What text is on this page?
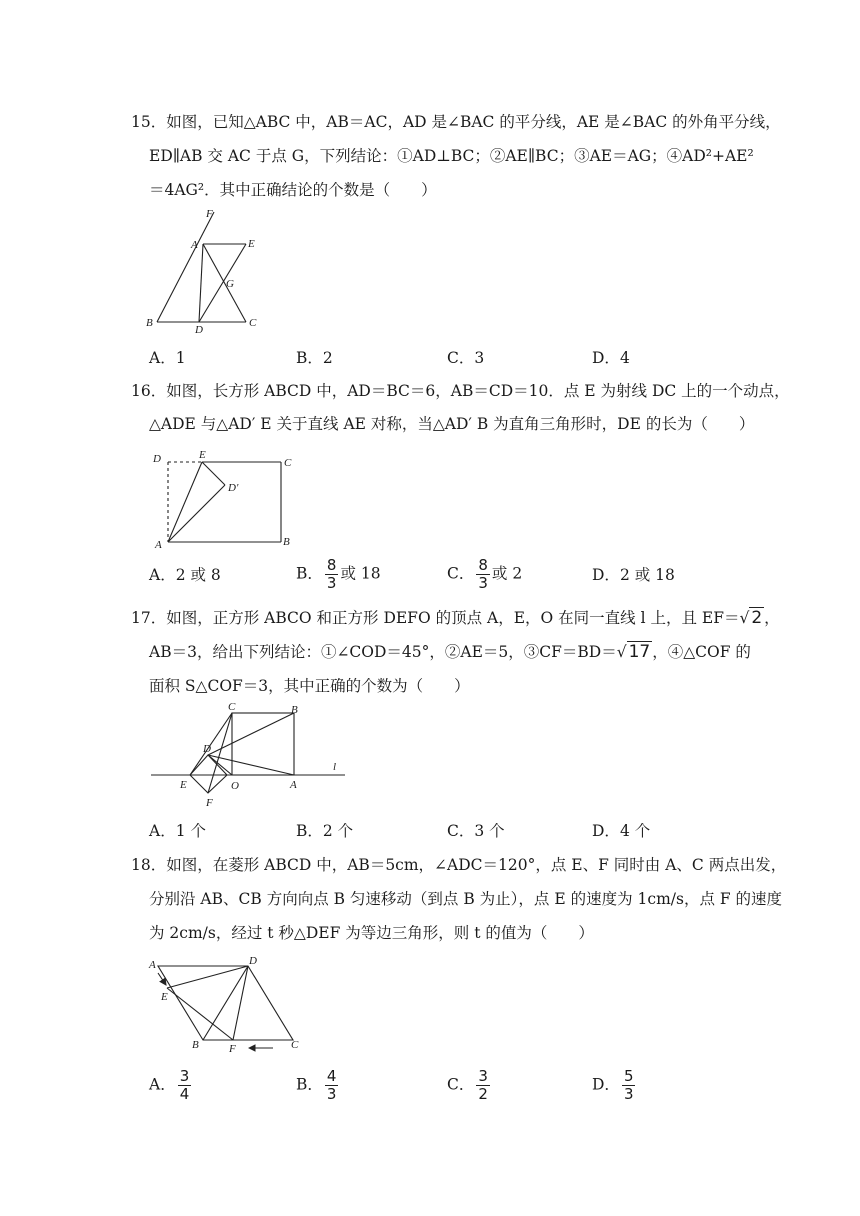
15．如图，已知△ABC 中，AB＝AC，AD 是∠BAC 的平分线，AE 是∠BAC 的外角平分线，
ED∥AB 交 AC 于点 G，下列结论：①AD⊥BC；②AE∥BC；③AE＝AG；④AD²+AE²
＝4AG²．其中正确结论的个数是（　　）
F
A	E
G
B
D
C
A．1	B．2	C．3	D．4
16．如图，长方形 ABCD 中，AD＝BC＝6，AB＝CD＝10．点 E 为射线 DC 上的一个动点，
△ADE 与△AD′ E 关于直线 AE 对称，当△AD′ B 为直角三角形时，DE 的长为（　　）
D	E
C
D'
A	B
A．2 或 8	B． $\frac{8}{3}$ 或 18	C． $\frac{8}{3}$ 或 2	D．2 或 18
17．如图，正方形 ABCO 和正方形 DEFO 的顶点 A，E，O 在同一直线 l 上，且 EF＝√ 2 ，
AB＝3，给出下列结论：①∠COD＝45°，②AE＝5，③CF＝BD＝√ 17 ，④△COF 的
面积 S△COF＝3，其中正确的个数为（　　）
C	B
D
l
E	O	A
F
A．1 个	B．2 个	C．3 个	D．4 个
18．如图，在菱形 ABCD 中，AB＝5cm，∠ADC＝120°，点 E、F 同时由 A、C 两点出发，
分别沿 AB、CB 方向向点 B 匀速移动（到点 B 为止），点 E 的速度为 1cm/s，点 F 的速度
为 2cm/s，经过 t 秒△DEF 为等边三角形，则 t 的值为（　　）
A	D
E
B	F	C
A． $\frac{3}{4}$	B． $\frac{4}{3}$	C． $\frac{3}{2}$	D． $\frac{5}{3}$
